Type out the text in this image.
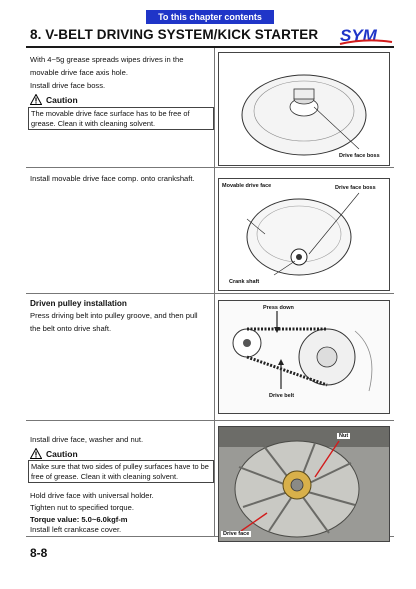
To this chapter contents
8. V-BELT DRIVING SYSTEM/KICK STARTER SYM
With 4~5g grease spreads wipes drives in the
movable drive face axis hole.
Install drive face boss.
Caution
The movable drive face surface has to be free of grease. Clean it with cleaning solvent.
Drive face boss
Install movable drive face comp. onto crankshaft.
Movable drive face	Drive face boss
Crank shaft
Driven pulley installation
Press driving belt into pulley groove, and then pull
the belt onto drive shaft.
Press down
Drive belt
Install drive face, washer and nut.
Caution
Make sure that two sides of pulley surfaces have to be free of grease. Clean it with cleaning solvent.
Hold drive face with universal holder.
Tighten nut to specified torque.
Torque value: 5.0~6.0kgf-m
Install left crankcase cover.
Nut
Drive face
8-8
